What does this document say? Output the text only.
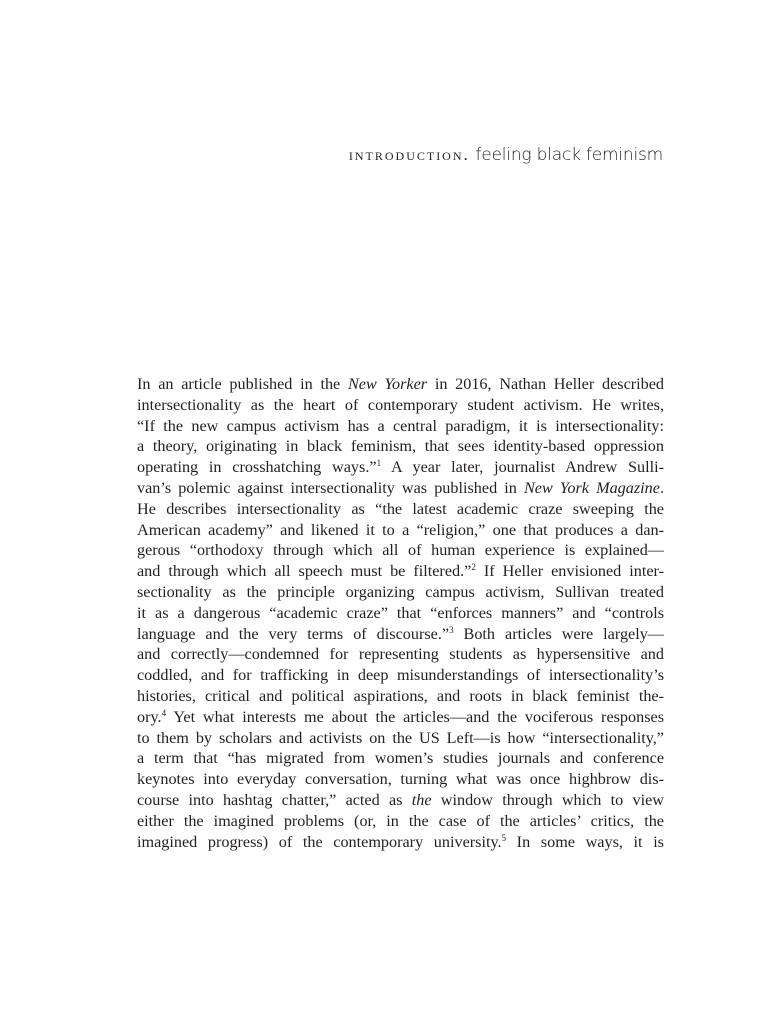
introduction. feeling black feminism
In an article published in the New Yorker in 2016, Nathan Heller described
intersectionality as the heart of contemporary student activism. He writes,
“If the new campus activism has a central paradigm, it is intersectionality:
a theory, originating in black feminism, that sees identity-based oppression
operating in crosshatching ways.”$^1$ A year later, journalist Andrew Sulli-
van’s polemic against intersectionality was published in New York Magazine.
He describes intersectionality as “the latest academic craze sweeping the
American academy” and likened it to a “religion,” one that produces a dan-
gerous “orthodoxy through which all of human experience is explained—
and through which all speech must be filtered.”$^2$ If Heller envisioned inter-
sectionality as the principle organizing campus activism, Sullivan treated
it as a dangerous “academic craze” that “enforces manners” and “controls
language and the very terms of discourse.”$^3$ Both articles were largely—
and correctly—condemned for representing students as hypersensitive and
coddled, and for trafficking in deep misunderstandings of intersectionality’s
histories, critical and political aspirations, and roots in black feminist the-
ory.$^4$ Yet what interests me about the articles—and the vociferous responses
to them by scholars and activists on the US Left—is how “intersectionality,”
a term that “has migrated from women’s studies journals and conference
keynotes into everyday conversation, turning what was once highbrow dis-
course into hashtag chatter,” acted as the window through which to view
either the imagined problems (or, in the case of the articles’ critics, the
imagined progress) of the contemporary university.$^5$ In some ways, it is
